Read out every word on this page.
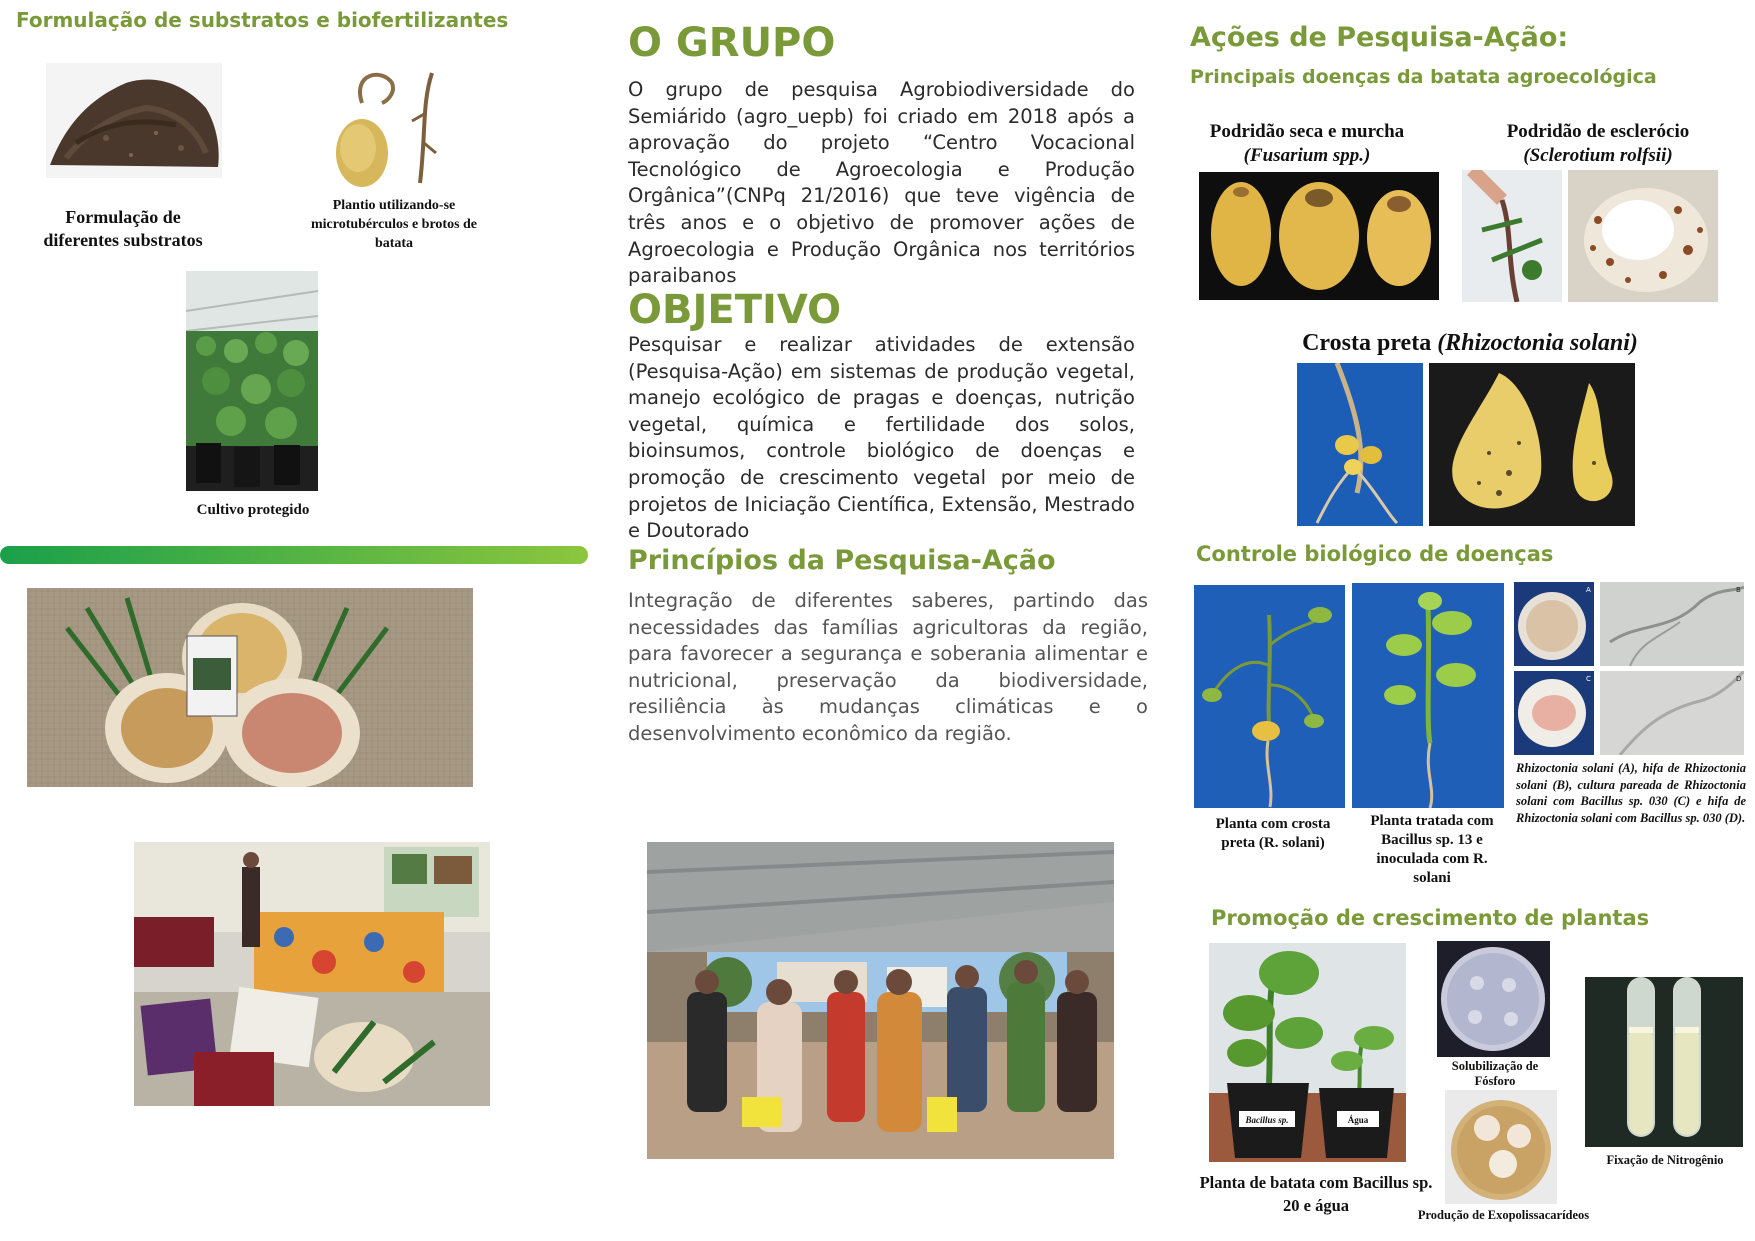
Formulação de substratos e biofertilizantes
Formulação de diferentes substratos
Plantio utilizando-se microtubérculos e brotos de batata
Cultivo protegido
O GRUPO
O grupo de pesquisa Agrobiodiversidade do Semiárido (agro_uepb) foi criado em 2018 após a aprovação do projeto “Centro Vocacional Tecnológico de Agroecologia e Produção Orgânica”(CNPq 21/2016) que teve vigência de três anos e o objetivo de promover ações de Agroecologia e Produção Orgânica nos territórios paraibanos
OBJETIVO
Pesquisar e realizar atividades de extensão (Pesquisa-Ação) em sistemas de produção vegetal, manejo ecológico de pragas e doenças, nutrição vegetal, química e fertilidade dos solos, bioinsumos, controle biológico de doenças e promoção de crescimento vegetal por meio de projetos de Iniciação Científica, Extensão, Mestrado e Doutorado
Princípios da Pesquisa-Ação
Integração de diferentes saberes, partindo das necessidades das famílias agricultoras da região, para favorecer a segurança e soberania alimentar e nutricional, preservação da biodiversidade, resiliência às mudanças climáticas e o desenvolvimento econômico da região.
Ações de Pesquisa-Ação:
Principais doenças da batata agroecológica
Podridão seca e murcha
(Fusarium spp.)
Podridão de esclerócio
(Sclerotium rolfsii)
Crosta preta (Rhizoctonia solani)
Controle biológico de doenças
A	B
C	D
Planta com crosta preta (R. solani)
Planta tratada com Bacillus sp. 13 e inoculada com R. solani
Rhizoctonia solani (A), hifa de Rhizoctonia solani (B), cultura pareada de Rhizoctonia solani com Bacillus sp. 030 (C) e hifa de Rhizoctonia solani com Bacillus sp. 030 (D).
Promoção de crescimento de plantas
Bacillus sp.	Água
Planta de batata com Bacillus sp. 20 e água
Solubilização de Fósforo
Produção de Exopolissacarídeos
Fixação de Nitrogênio
